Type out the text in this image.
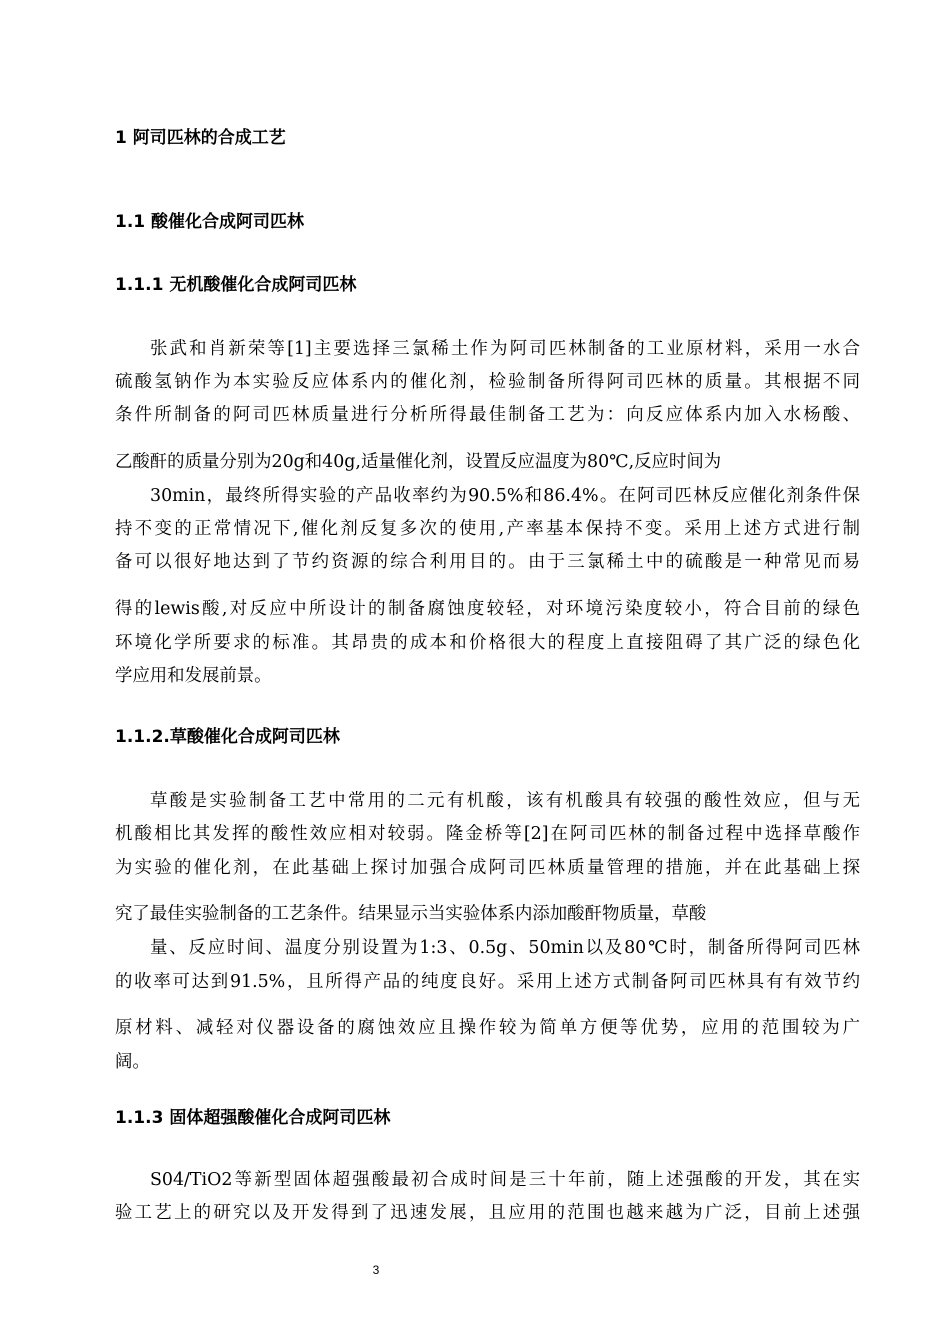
1 阿司匹林的合成工艺
1.1 酸催化合成阿司匹林
1.1.1 无机酸催化合成阿司匹林

张武和肖新荣等[1]主要选择三氯稀土作为阿司匹林制备的工业原材料，采用一水合

硫酸氢钠作为本实验反应体系内的催化剂，检验制备所得阿司匹林的质量。其根据不同

条件所制备的阿司匹林质量进行分析所得最佳制备工艺为：向反应体系内加入水杨酸、

乙酸酐的质量分别为20g和40g,适量催化剂，设置反应温度为80℃,反应时间为

30min，最终所得实验的产品收率约为90.5%和86.4%。在阿司匹林反应催化剂条件保

持不变的正常情况下,催化剂反复多次的使用,产率基本保持不变。采用上述方式进行制

备可以很好地达到了节约资源的综合利用目的。由于三氯稀土中的硫酸是一种常见而易

得的lewis酸,对反应中所设计的制备腐蚀度较轻，对环境污染度较小，符合目前的绿色

环境化学所要求的标准。其昂贵的成本和价格很大的程度上直接阻碍了其广泛的绿色化

学应用和发展前景。

1.1.2.草酸催化合成阿司匹林

草酸是实验制备工艺中常用的二元有机酸，该有机酸具有较强的酸性效应，但与无

机酸相比其发挥的酸性效应相对较弱。隆金桥等[2]在阿司匹林的制备过程中选择草酸作

为实验的催化剂，在此基础上探讨加强合成阿司匹林质量管理的措施，并在此基础上探

究了最佳实验制备的工艺条件。结果显示当实验体系内添加酸酐物质量，草酸

量、反应时间、温度分别设置为1:3、0.5g、50min以及80℃时，制备所得阿司匹林

的收率可达到91.5%，且所得产品的纯度良好。采用上述方式制备阿司匹林具有有效节约

原材料、减轻对仪器设备的腐蚀效应且操作较为简单方便等优势，应用的范围较为广

阔。

1.1.3 固体超强酸催化合成阿司匹林

S04/TiO2等新型固体超强酸最初合成时间是三十年前，随上述强酸的开发，其在实

验工艺上的研究以及开发得到了迅速发展，且应用的范围也越来越为广泛，目前上述强

3
